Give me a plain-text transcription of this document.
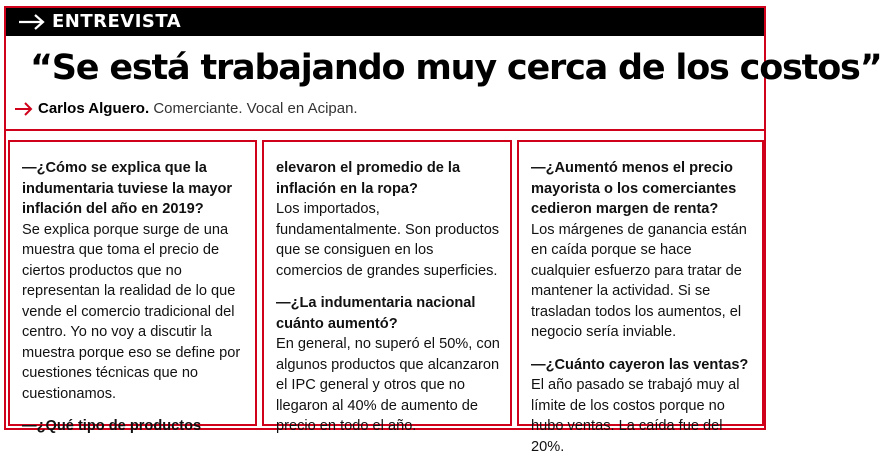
ENTREVISTA
“Se está trabajando muy cerca de los costos”
Carlos Alguero. Comerciante. Vocal en Acipan.

—¿Cómo se explica que la indumentaria tuviese la mayor inflación del año en 2019?

Se explica porque surge de una muestra que toma el precio de ciertos productos que no representan la realidad de lo que vende el comercio tradicional del centro. Yo no voy a discutir la muestra porque eso se define por cuestiones técnicas que no cuestionamos.

—¿Qué tipo de productos

elevaron el promedio de la inflación en la ropa?

Los importados, fundamentalmente. Son productos que se consiguen en los comercios de grandes superficies.

—¿La indumentaria nacional cuánto aumentó?

En general, no superó el 50%, con algunos productos que alcanzaron el IPC general y otros que no llegaron al 40% de aumento de precio en todo el año.

—¿Aumentó menos el precio mayorista o los comerciantes cedieron margen de renta?

Los márgenes de ganancia están en caída porque se hace cualquier esfuerzo para tratar de mantener la actividad. Si se trasladan todos los aumentos, el negocio sería inviable.

—¿Cuánto cayeron las ventas?

El año pasado se trabajó muy al límite de los costos porque no hubo ventas. La caída fue del 20%.
